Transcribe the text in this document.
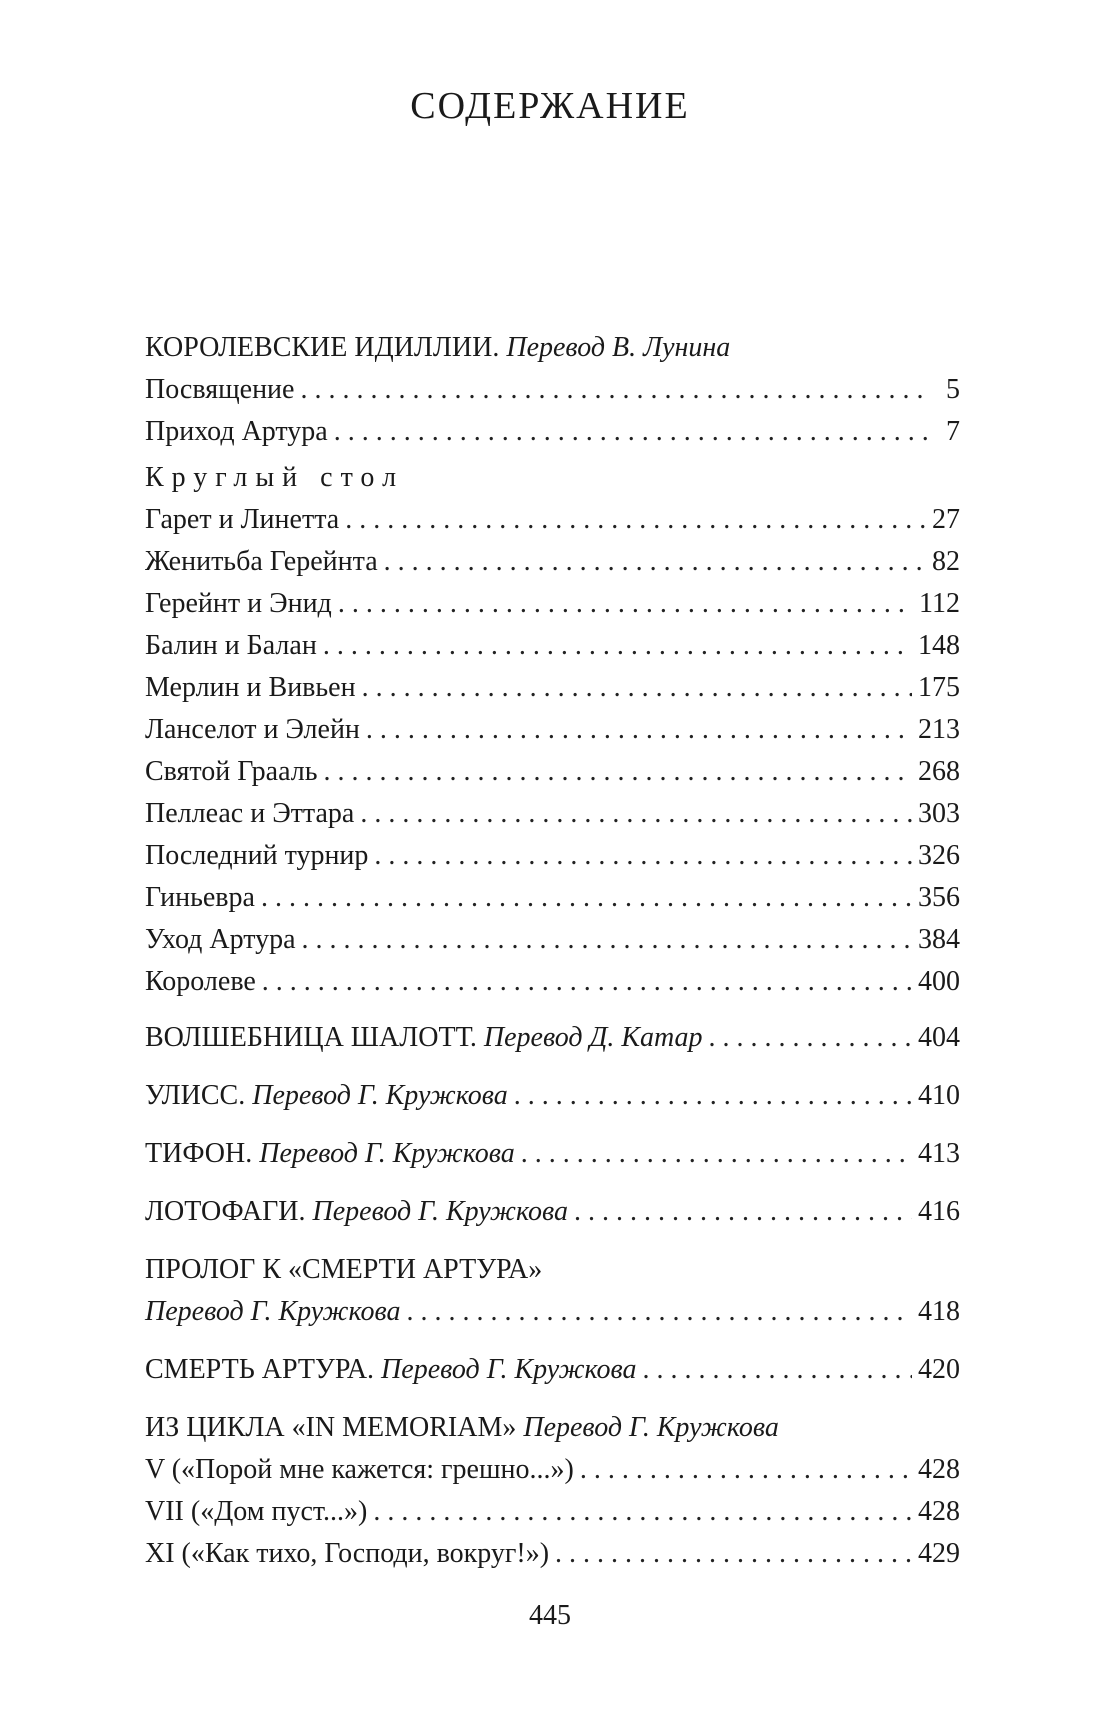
СОДЕРЖАНИЕ
КОРОЛЕВСКИЕ ИДИЛЛИИ. Перевод В. Лунина
Посвящение . . .	5
Приход Артура . . .	7
Круглый стол
Гарет и Линетта . . .	27
Женитьба Герейнта . . .	82
Герейнт и Энид . . .	112
Балин и Балан . . .	148
Мерлин и Вивьен . . .	175
Ланселот и Элейн . . .	213
Святой Грааль . . .	268
Пеллеас и Эттара . . .	303
Последний турнир . . .	326
Гиньевра . . .	356
Уход Артура . . .	384
Королеве . . .	400
ВОЛШЕБНИЦА ШАЛОТТ. Перевод Д. Катар . . .	404
УЛИСС. Перевод Г. Кружкова . . .	410
ТИФОН. Перевод Г. Кружкова . . .	413
ЛОТОФАГИ. Перевод Г. Кружкова . . .	416
ПРОЛОГ К «СМЕРТИ АРТУРА»
Перевод Г. Кружкова . . .	418
СМЕРТЬ АРТУРА. Перевод Г. Кружкова . . .	420
ИЗ ЦИКЛА «IN MEMORIAM» Перевод Г. Кружкова
V («Порой мне кажется: грешно...») . . .	428
VII («Дом пуст...») . . .	428
XI («Как тихо, Господи, вокруг!») . . .	429
445
